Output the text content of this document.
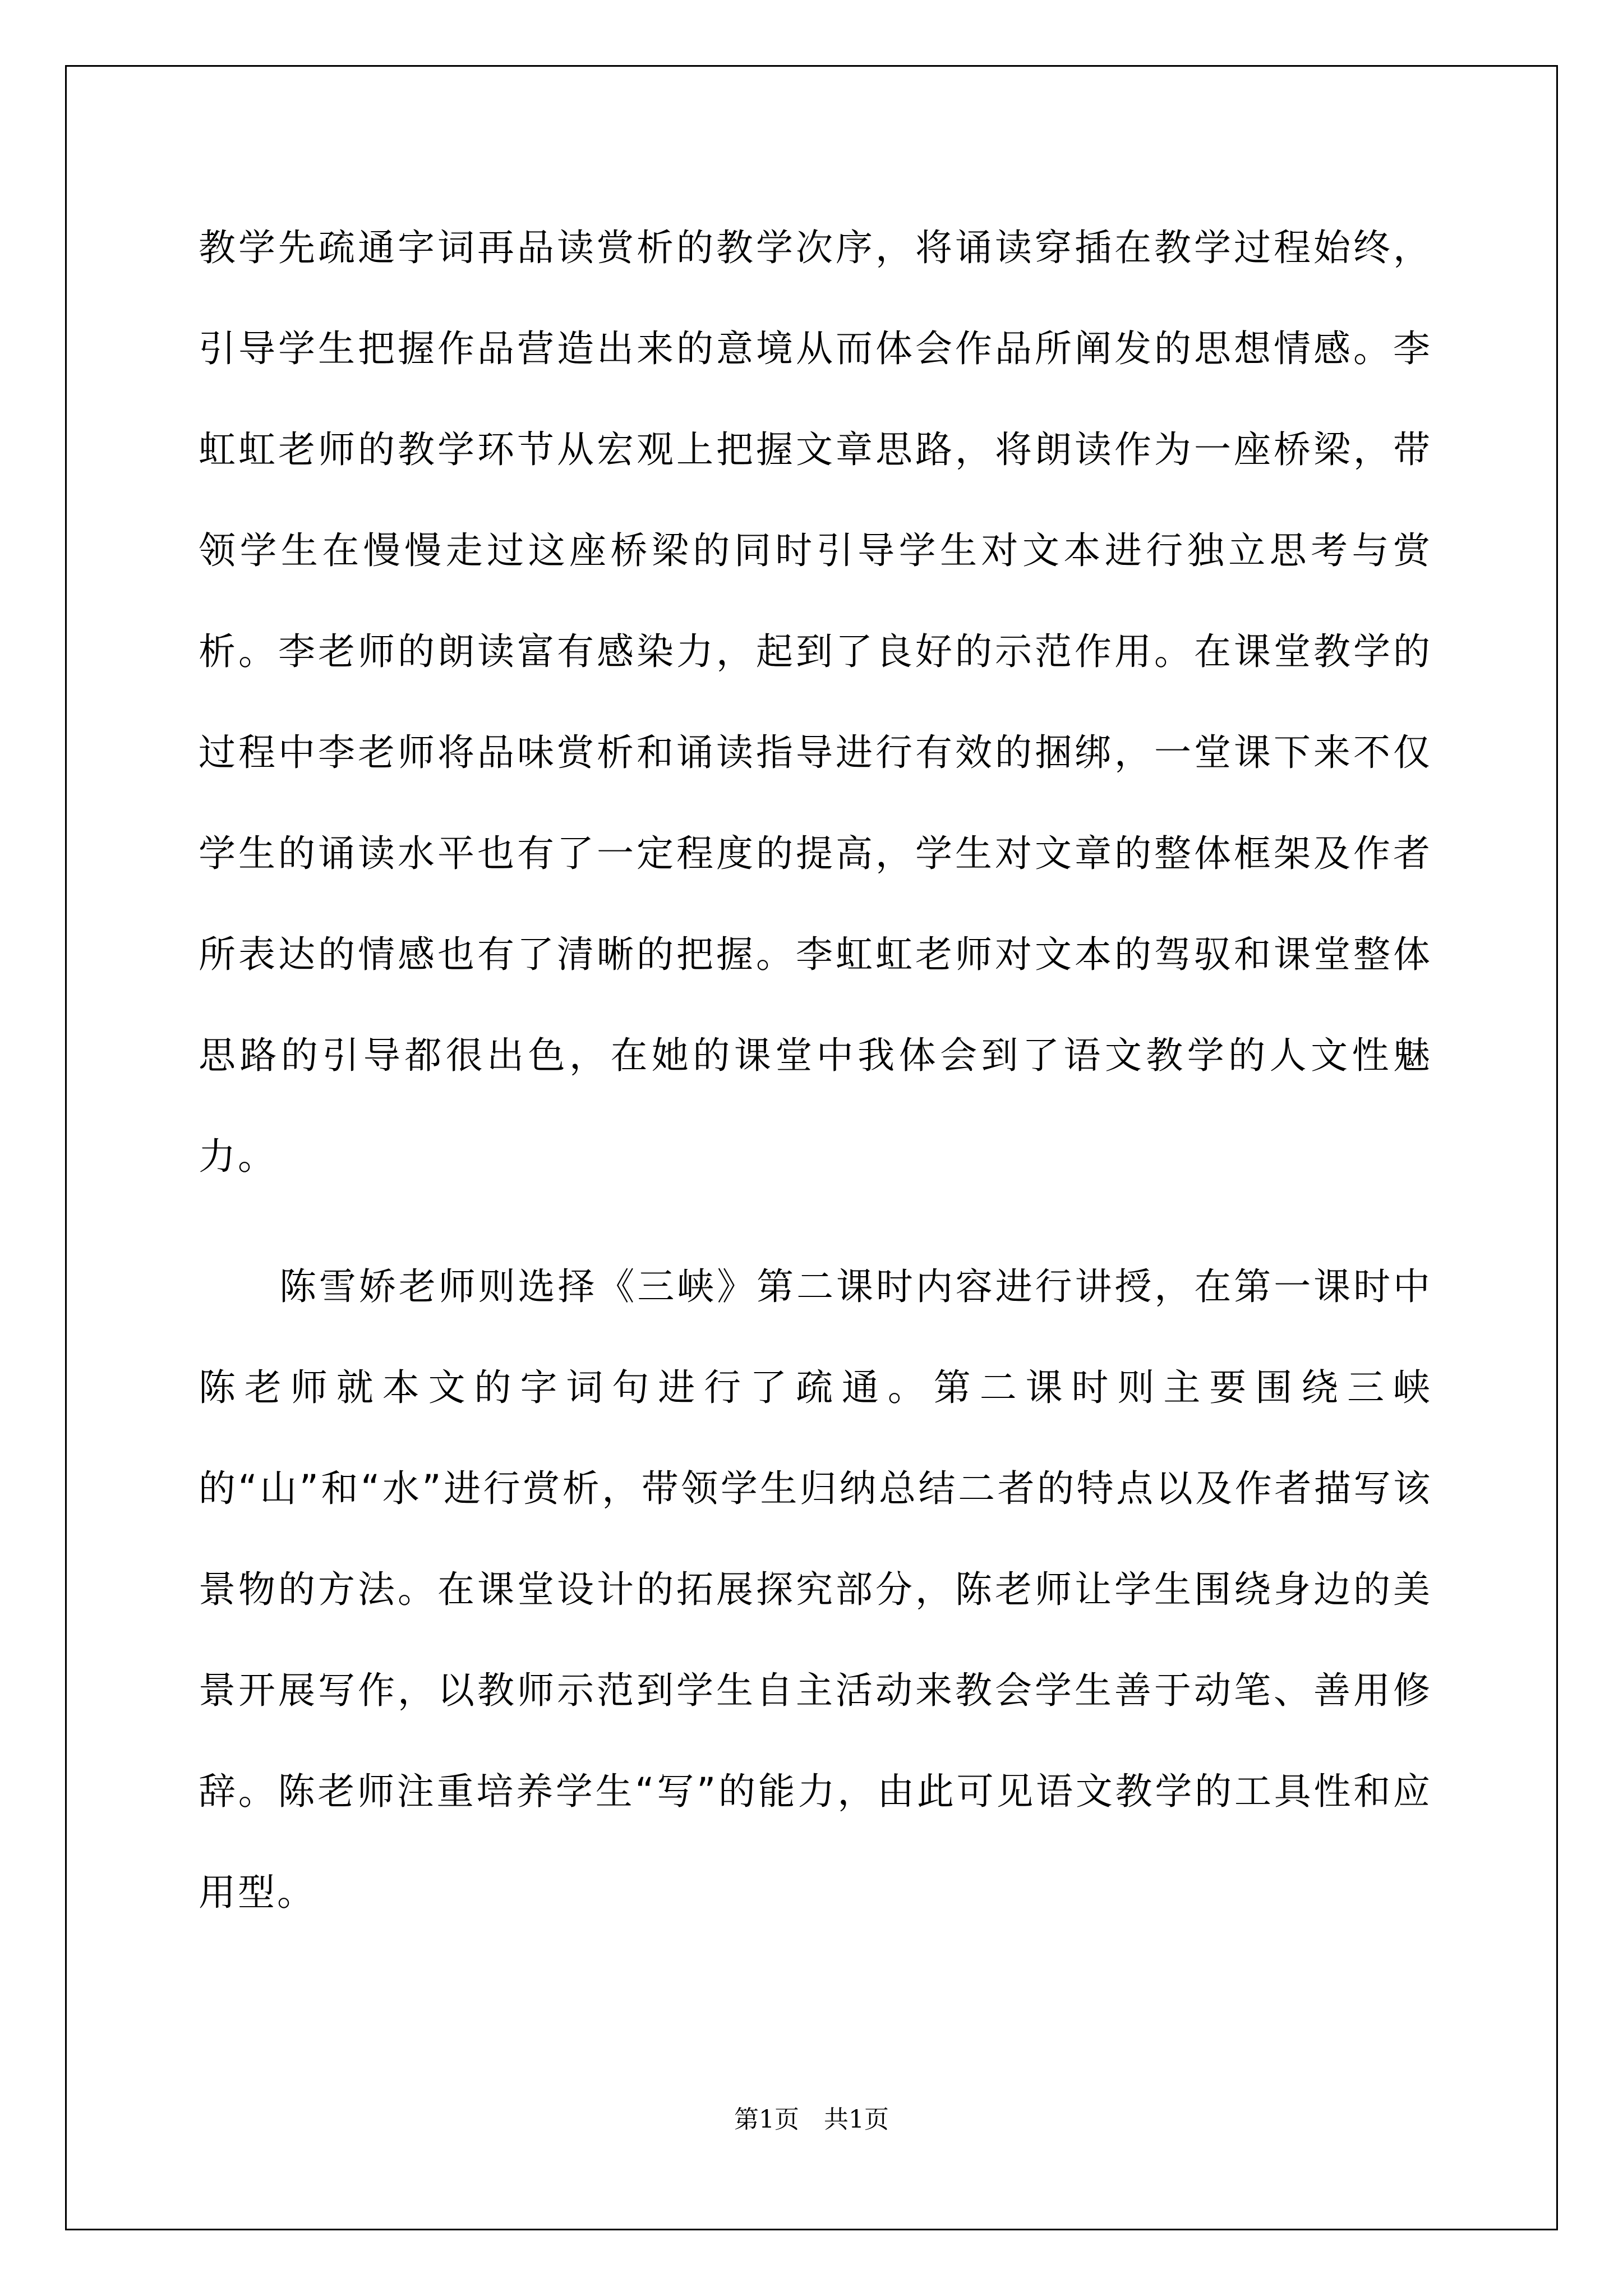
教学先疏通字词再品读赏析的教学次序，将诵读穿插在教学过程始终，引导学生把握作品营造出来的意境从而体会作品所阐发的思想情感。李虹虹老师的教学环节从宏观上把握文章思路，将朗读作为一座桥梁，带领学生在慢慢走过这座桥梁的同时引导学生对文本进行独立思考与赏析。李老师的朗读富有感染力，起到了良好的示范作用。在课堂教学的过程中李老师将品味赏析和诵读指导进行有效的捆绑，一堂课下来不仅学生的诵读水平也有了一定程度的提高，学生对文章的整体框架及作者所表达的情感也有了清晰的把握。李虹虹老师对文本的驾驭和课堂整体思路的引导都很出色，在她的课堂中我体会到了语文教学的人文性魅力。

陈雪娇老师则选择《三峡》第二课时内容进行讲授，在第一课时中陈老师就本文的字词句进行了疏通。第二课时则主要围绕三峡的“山”和“水”进行赏析，带领学生归纳总结二者的特点以及作者描写该景物的方法。在课堂设计的拓展探究部分，陈老师让学生围绕身边的美景开展写作，以教师示范到学生自主活动来教会学生善于动笔、善用修辞。陈老师注重培养学生“写”的能力，由此可见语文教学的工具性和应用型。

第1页　共1页
